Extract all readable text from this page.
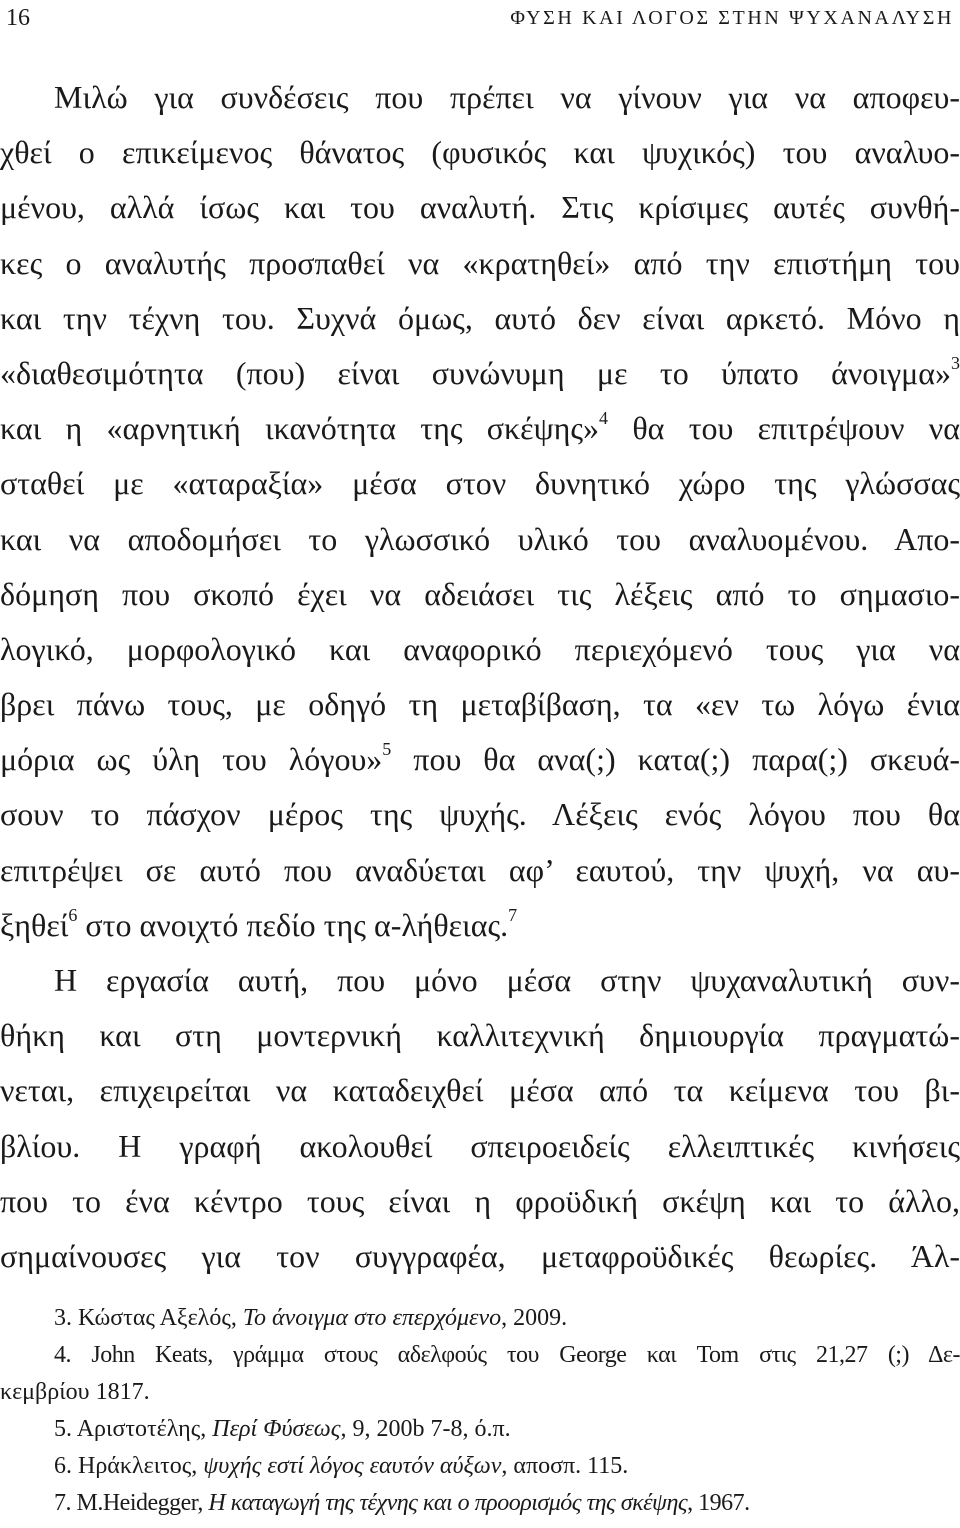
16	ΦΥΣΗ ΚΑΙ ΛΟΓΟΣ ΣΤΗΝ ΨΥΧΑΝΑΛΥΣΗ
Μιλώ για συνδέσεις που πρέπει να γίνουν για να αποφευ-
χθεί ο επικείμενος θάνατος (φυσικός και ψυχικός) του αναλυο-
μένου, αλλά ίσως και του αναλυτή. Στις κρίσιμες αυτές συνθή-
κες ο αναλυτής προσπαθεί να «κρατηθεί» από την επιστήμη του
και την τέχνη του. Συχνά όμως, αυτό δεν είναι αρκετό. Μόνο η
«διαθεσιμότητα (που) είναι συνώνυμη με το ύπατο άνοιγμα»$^3$
και η «αρνητική ικανότητα της σκέψης»$^4$ θα του επιτρέψουν να
σταθεί με «αταραξία» μέσα στον δυνητικό χώρο της γλώσσας
και να αποδομήσει το γλωσσικό υλικό του αναλυομένου. Απο-
δόμηση που σκοπό έχει να αδειάσει τις λέξεις από το σημασιο-
λογικό, μορφολογικό και αναφορικό περιεχόμενό τους για να
βρει πάνω τους, με οδηγό τη μεταβίβαση, τα «εν τω λόγω ένια
μόρια ως ύλη του λόγου»$^5$ που θα ανα(;) κατα(;) παρα(;) σκευά-
σουν το πάσχον μέρος της ψυχής. Λέξεις ενός λόγου που θα
επιτρέψει σε αυτό που αναδύεται αφ’ εαυτού, την ψυχή, να αυ-
ξηθεί$^6$ στο ανοιχτό πεδίο της α-λήθειας.$^7$
Η εργασία αυτή, που μόνο μέσα στην ψυχαναλυτική συν-
θήκη και στη μοντερνική καλλιτεχνική δημιουργία πραγματώ-
νεται, επιχειρείται να καταδειχθεί μέσα από τα κείμενα του βι-
βλίου. Η γραφή ακολουθεί σπειροειδείς ελλειπτικές κινήσεις
που το ένα κέντρο τους είναι η φροϋδική σκέψη και το άλλο,
σημαίνουσες για τον συγγραφέα, μεταφροϋδικές θεωρίες. Άλ-
3. Κώστας Αξελός, Το άνοιγμα στο επερχόμενο, 2009.
4. John Keats, γράμμα στους αδελφούς του George και Tom στις 21,27 (;) Δε-
κεμβρίου 1817.
5. Αριστοτέλης, Περί Φύσεως, 9, 200b 7-8, ό.π.
6. Ηράκλειτος, ψυχής εστί λόγος εαυτόν αύξων, αποσπ. 115.
7. M.Heidegger, Η καταγωγή της τέχνης και ο προορισμός της σκέψης, 1967.
